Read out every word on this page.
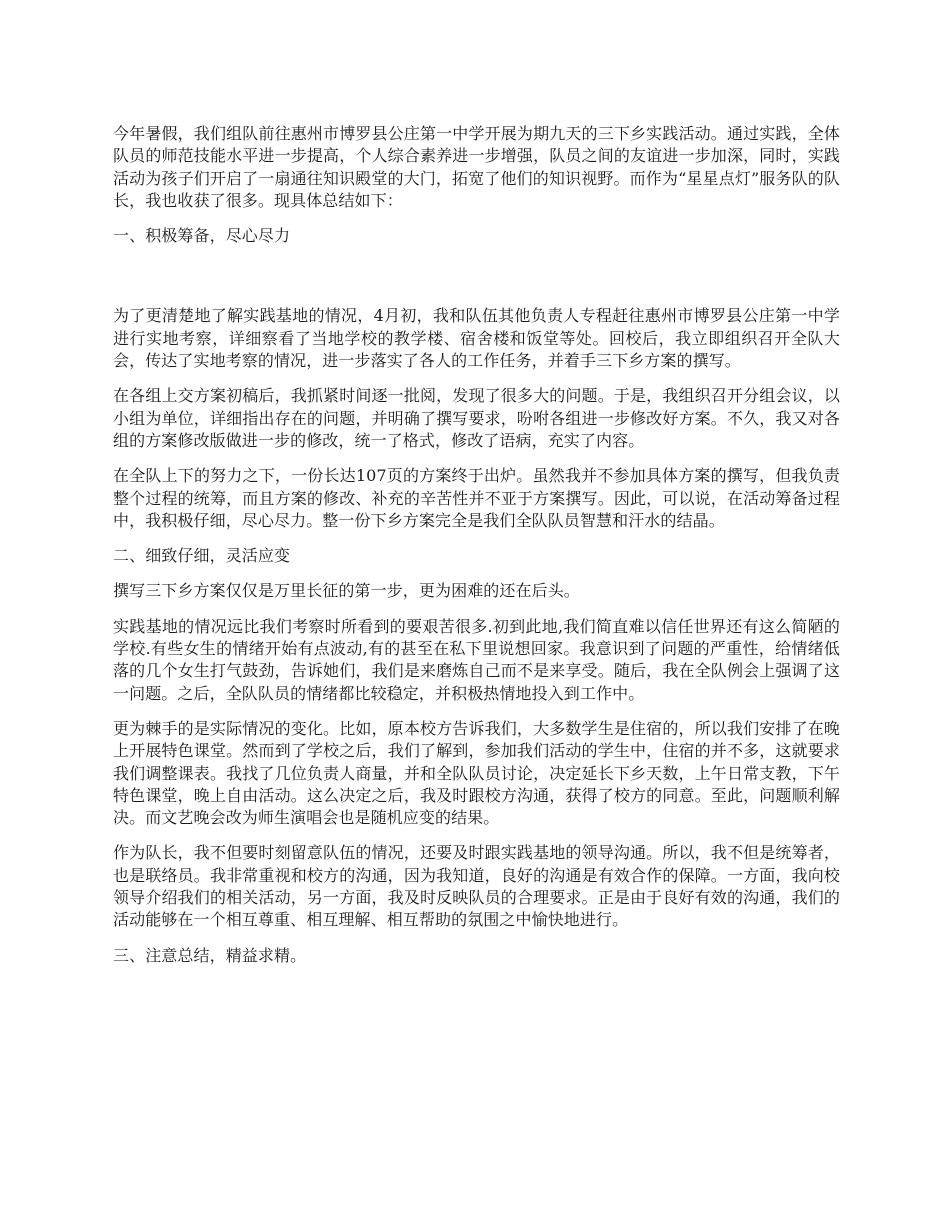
今年暑假，我们组队前往惠州市博罗县公庄第一中学开展为期九天的三下乡实践活动。通过实践，全体队员的师范技能水平进一步提高，个人综合素养进一步增强，队员之间的友谊进一步加深，同时，实践活动为孩子们开启了一扇通往知识殿堂的大门，拓宽了他们的知识视野。而作为“星星点灯”服务队的队长，我也收获了很多。现具体总结如下：

一、积极筹备，尽心尽力

为了更清楚地了解实践基地的情况，4月初，我和队伍其他负责人专程赶往惠州市博罗县公庄第一中学进行实地考察，详细察看了当地学校的教学楼、宿舍楼和饭堂等处。回校后，我立即组织召开全队大会，传达了实地考察的情况，进一步落实了各人的工作任务，并着手三下乡方案的撰写。

在各组上交方案初稿后，我抓紧时间逐一批阅，发现了很多大的问题。于是，我组织召开分组会议，以小组为单位，详细指出存在的问题，并明确了撰写要求，吩咐各组进一步修改好方案。不久，我又对各组的方案修改版做进一步的修改，统一了格式，修改了语病，充实了内容。

在全队上下的努力之下，一份长达107页的方案终于出炉。虽然我并不参加具体方案的撰写，但我负责整个过程的统筹，而且方案的修改、补充的辛苦性并不亚于方案撰写。因此，可以说，在活动筹备过程中，我积极仔细，尽心尽力。整一份下乡方案完全是我们全队队员智慧和汗水的结晶。

二、细致仔细，灵活应变

撰写三下乡方案仅仅是万里长征的第一步，更为困难的还在后头。

实践基地的情况远比我们考察时所看到的要艰苦很多.初到此地,我们简直难以信任世界还有这么简陋的学校.有些女生的情绪开始有点波动,有的甚至在私下里说想回家。我意识到了问题的严重性，给情绪低落的几个女生打气鼓劲，告诉她们，我们是来磨炼自己而不是来享受。随后，我在全队例会上强调了这一问题。之后，全队队员的情绪都比较稳定，并积极热情地投入到工作中。

更为棘手的是实际情况的变化。比如，原本校方告诉我们，大多数学生是住宿的，所以我们安排了在晚上开展特色课堂。然而到了学校之后，我们了解到，参加我们活动的学生中，住宿的并不多，这就要求我们调整课表。我找了几位负责人商量，并和全队队员讨论，决定延长下乡天数，上午日常支教，下午特色课堂，晚上自由活动。这么决定之后，我及时跟校方沟通，获得了校方的同意。至此，问题顺利解决。而文艺晚会改为师生演唱会也是随机应变的结果。

作为队长，我不但要时刻留意队伍的情况，还要及时跟实践基地的领导沟通。所以，我不但是统筹者，也是联络员。我非常重视和校方的沟通，因为我知道，良好的沟通是有效合作的保障。一方面，我向校领导介绍我们的相关活动，另一方面，我及时反映队员的合理要求。正是由于良好有效的沟通，我们的活动能够在一个相互尊重、相互理解、相互帮助的氛围之中愉快地进行。

三、注意总结，精益求精。
